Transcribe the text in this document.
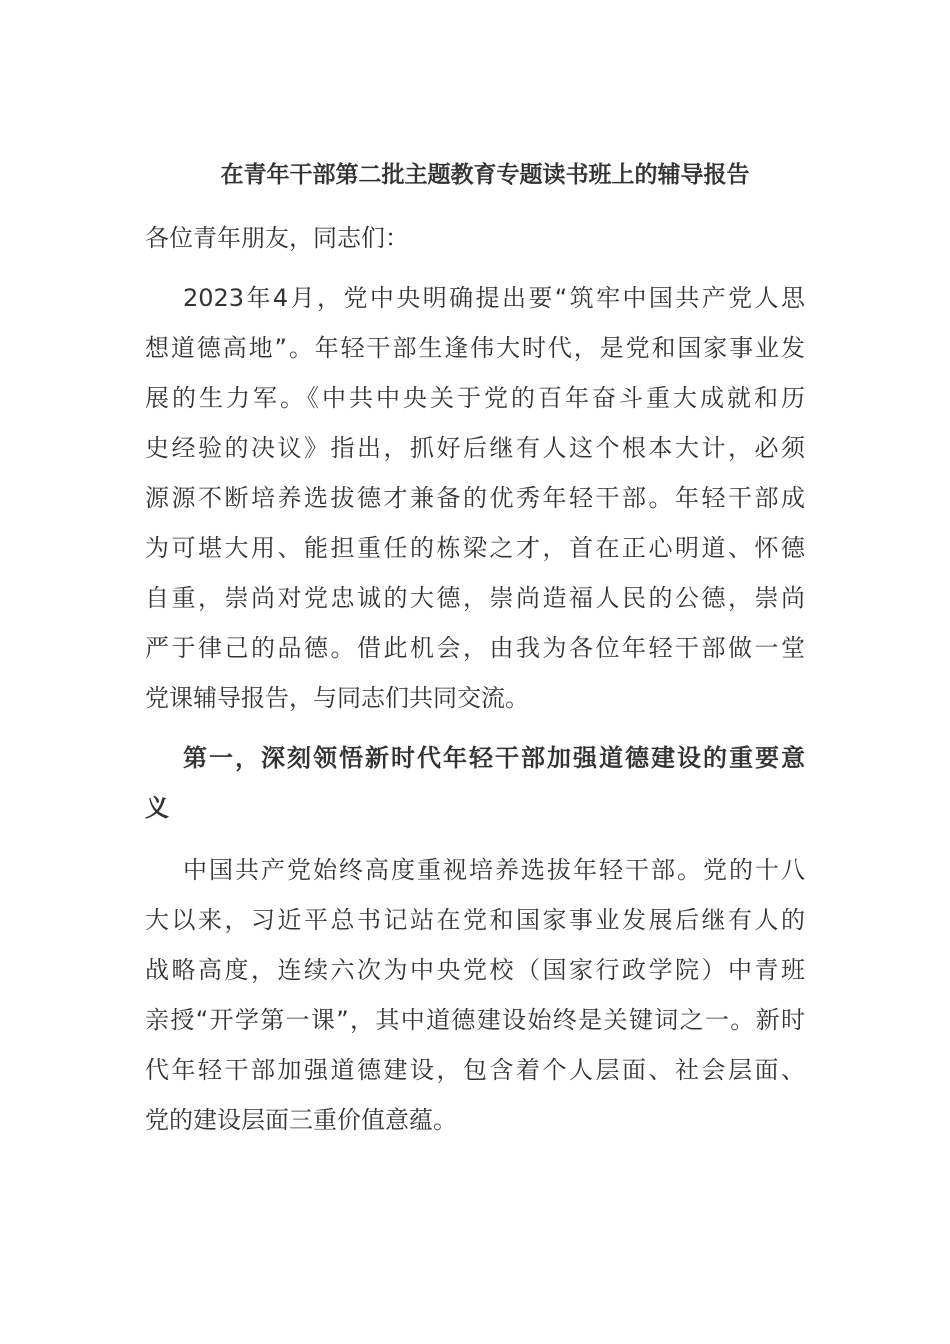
在青年干部第二批主题教育专题读书班上的辅导报告
各位青年朋友，同志们：
2023年4月，党中央明确提出要“筑牢中国共产党人思
想道德高地”。年轻干部生逢伟大时代，是党和国家事业发
展的生力军。《中共中央关于党的百年奋斗重大成就和历
史经验的决议》指出，抓好后继有人这个根本大计，必须
源源不断培养选拔德才兼备的优秀年轻干部。年轻干部成
为可堪大用、能担重任的栋梁之才，首在正心明道、怀德
自重，崇尚对党忠诚的大德，崇尚造福人民的公德，崇尚
严于律己的品德。借此机会，由我为各位年轻干部做一堂
党课辅导报告，与同志们共同交流。
第一，深刻领悟新时代年轻干部加强道德建设的重要意
义
中国共产党始终高度重视培养选拔年轻干部。党的十八
大以来，习近平总书记站在党和国家事业发展后继有人的
战略高度，连续六次为中央党校（国家行政学院）中青班
亲授“开学第一课”，其中道德建设始终是关键词之一。新时
代年轻干部加强道德建设，包含着个人层面、社会层面、
党的建设层面三重价值意蕴。
